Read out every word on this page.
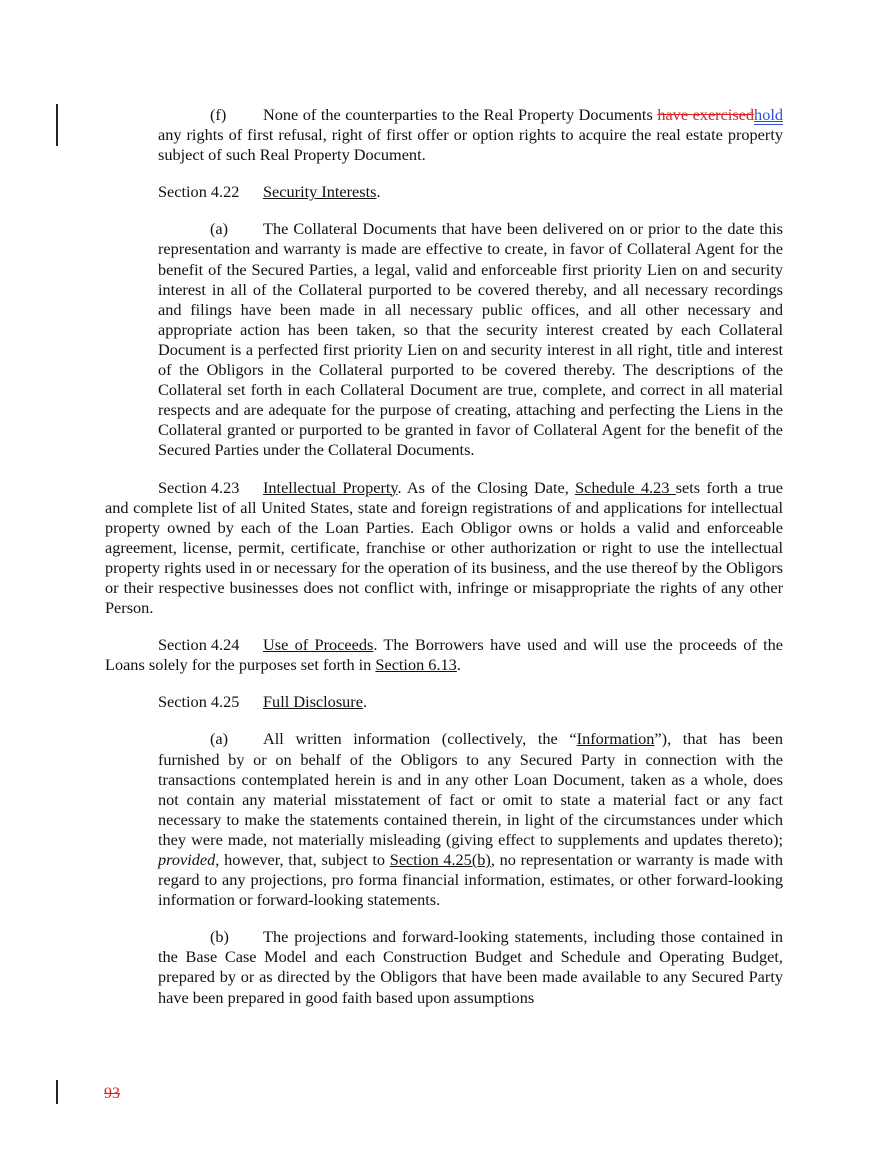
(f) None of the counterparties to the Real Property Documents have exercisedhold any rights of first refusal, right of first offer or option rights to acquire the real estate property subject of such Real Property Document.

Section 4.22 Security Interests.

(a) The Collateral Documents that have been delivered on or prior to the date this representation and warranty is made are effective to create, in favor of Collateral Agent for the benefit of the Secured Parties, a legal, valid and enforceable first priority Lien on and security interest in all of the Collateral purported to be covered thereby, and all necessary recordings and filings have been made in all necessary public offices, and all other necessary and appropriate action has been taken, so that the security interest created by each Collateral Document is a perfected first priority Lien on and security interest in all right, title and interest of the Obligors in the Collateral purported to be covered thereby. The descriptions of the Collateral set forth in each Collateral Document are true, complete, and correct in all material respects and are adequate for the purpose of creating, attaching and perfecting the Liens in the Collateral granted or purported to be granted in favor of Collateral Agent for the benefit of the Secured Parties under the Collateral Documents.

Section 4.23 Intellectual Property. As of the Closing Date, Schedule 4.23 sets forth a true and complete list of all United States, state and foreign registrations of and applications for intellectual property owned by each of the Loan Parties. Each Obligor owns or holds a valid and enforceable agreement, license, permit, certificate, franchise or other authorization or right to use the intellectual property rights used in or necessary for the operation of its business, and the use thereof by the Obligors or their respective businesses does not conflict with, infringe or misappropriate the rights of any other Person.

Section 4.24 Use of Proceeds. The Borrowers have used and will use the proceeds of the Loans solely for the purposes set forth in Section 6.13.

Section 4.25 Full Disclosure.

(a) All written information (collectively, the “Information”), that has been furnished by or on behalf of the Obligors to any Secured Party in connection with the transactions contemplated herein is and in any other Loan Document, taken as a whole, does not contain any material misstatement of fact or omit to state a material fact or any fact necessary to make the statements contained therein, in light of the circumstances under which they were made, not materially misleading (giving effect to supplements and updates thereto); provided, however, that, subject to Section 4.25(b), no representation or warranty is made with regard to any projections, pro forma financial information, estimates, or other forward-looking information or forward-looking statements.

(b) The projections and forward-looking statements, including those contained in the Base Case Model and each Construction Budget and Schedule and Operating Budget, prepared by or as directed by the Obligors that have been made available to any Secured Party have been prepared in good faith based upon assumptions

93
